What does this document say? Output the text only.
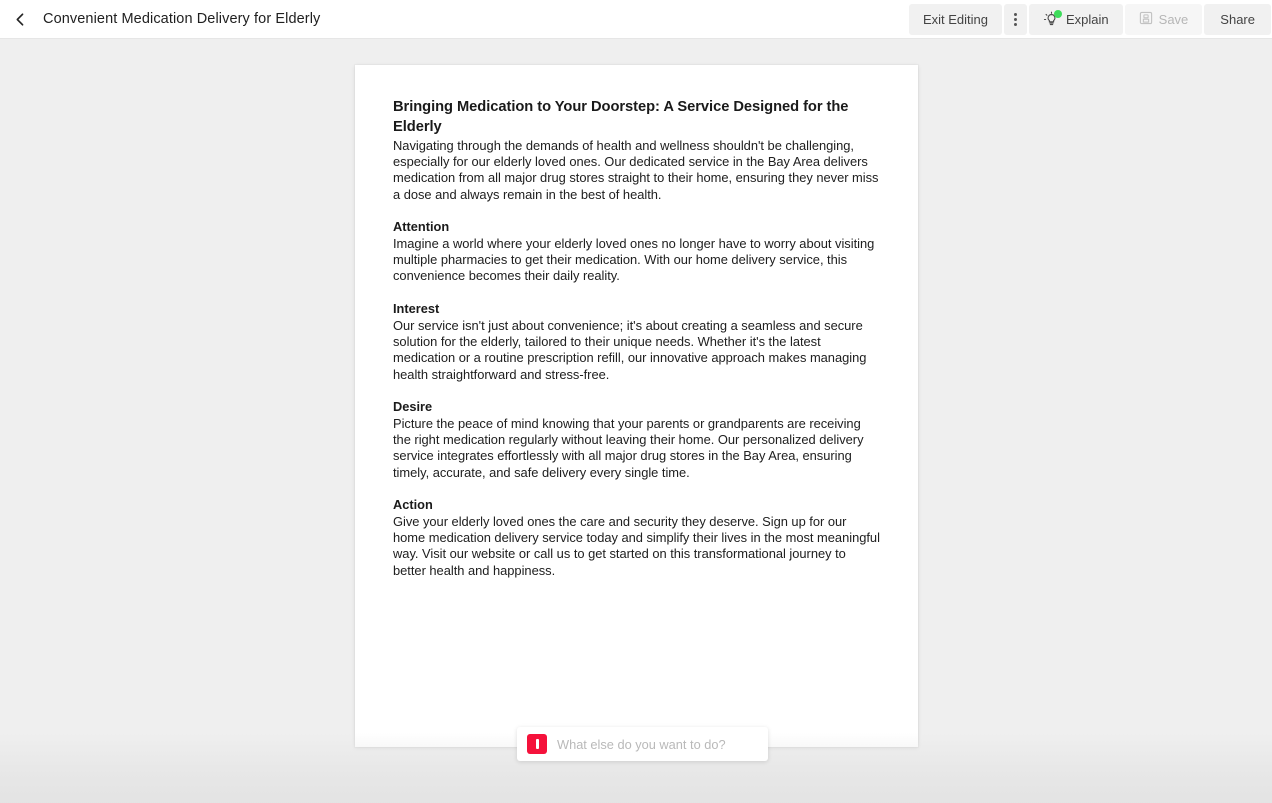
Convenient Medication Delivery for Elderly	Exit Editing	Explain	Save	Share
Bringing Medication to Your Doorstep: A Service Designed for the Elderly

Navigating through the demands of health and wellness shouldn't be challenging, especially for our elderly loved ones. Our dedicated service in the Bay Area delivers medication from all major drug stores straight to their home, ensuring they never miss a dose and always remain in the best of health.

Attention

Imagine a world where your elderly loved ones no longer have to worry about visiting multiple pharmacies to get their medication. With our home delivery service, this convenience becomes their daily reality.

Interest

Our service isn't just about convenience; it's about creating a seamless and secure solution for the elderly, tailored to their unique needs. Whether it's the latest medication or a routine prescription refill, our innovative approach makes managing health straightforward and stress-free.

Desire

Picture the peace of mind knowing that your parents or grandparents are receiving the right medication regularly without leaving their home. Our personalized delivery service integrates effortlessly with all major drug stores in the Bay Area, ensuring timely, accurate, and safe delivery every single time.

Action

Give your elderly loved ones the care and security they deserve. Sign up for our home medication delivery service today and simplify their lives in the most meaningful way. Visit our website or call us to get started on this transformational journey to better health and happiness.

What else do you want to do?
